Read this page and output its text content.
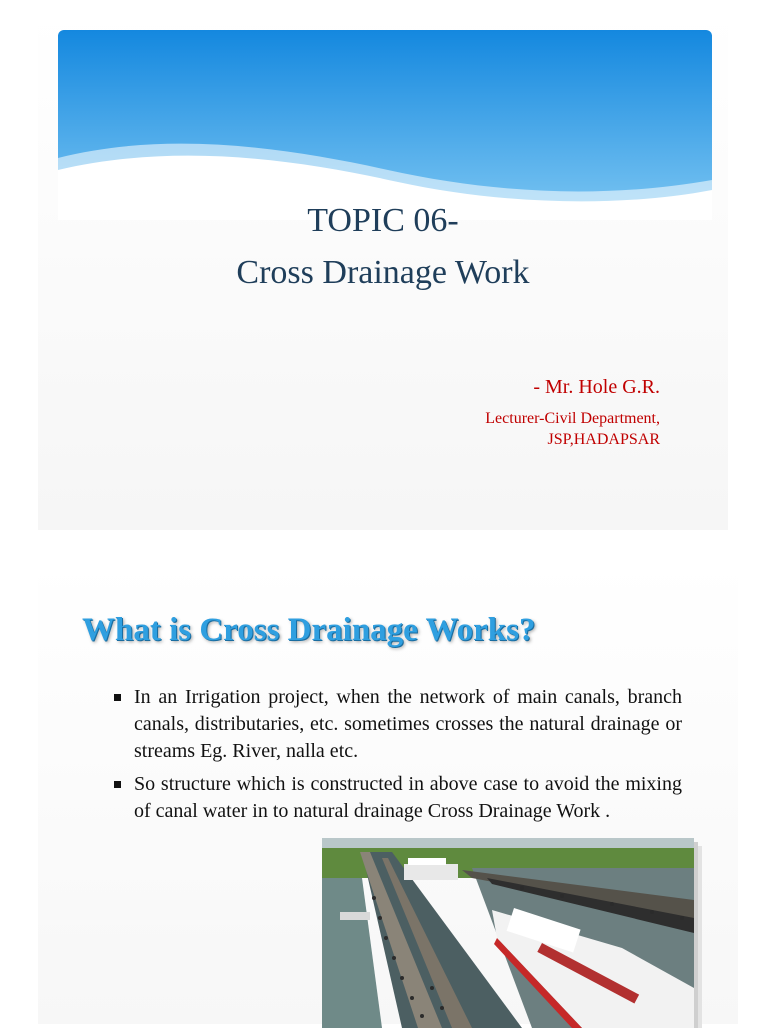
TOPIC 06-
Cross Drainage Work
- Mr. Hole G.R.
Lecturer-Civil Department,
JSP,HADAPSAR
What is Cross Drainage Works?
In an Irrigation project, when the network of main canals, branch canals, distributaries, etc. sometimes crosses the natural drainage or streams Eg. River, nalla etc.
So structure which is constructed in above case to avoid the mixing of canal water in to natural drainage Cross Drainage Work .
